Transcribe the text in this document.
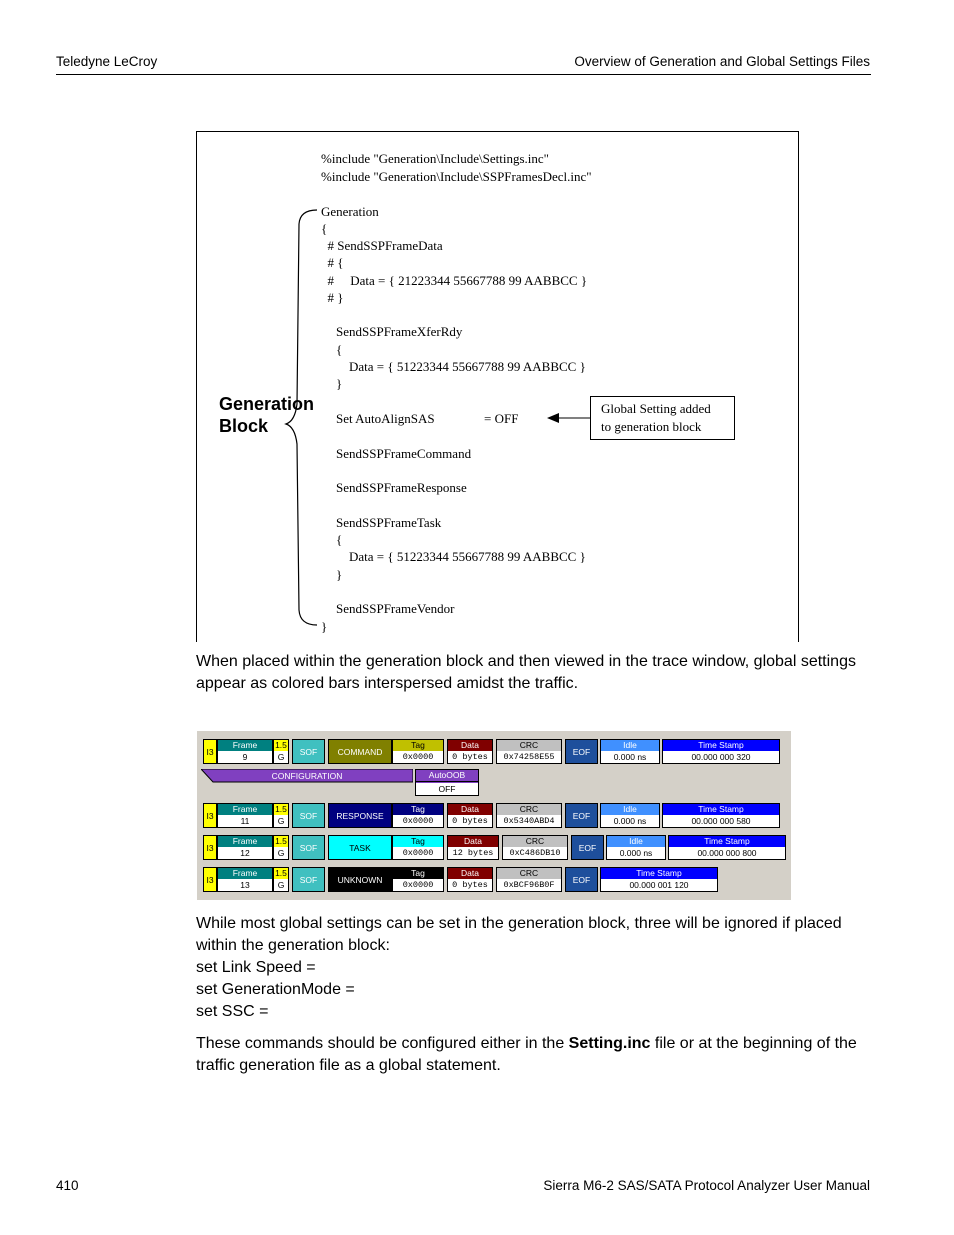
Teledyne LeCroy	Overview of Generation and Global Settings Files
%include "Generation\Include\Settings.inc"
%include "Generation\Include\SSPFramesDecl.inc"
Generation
{
# SendSSPFrameData
# {
#     Data = { 21223344 55667788 99 AABBCC }
# }
SendSSPFrameXferRdy
{
Data = { 51223344 55667788 99 AABBCC }
}
Set AutoAlignSAS	= OFF
SendSSPFrameCommand
SendSSPFrameResponse
SendSSPFrameTask
{
Data = { 51223344 55667788 99 AABBCC }
}
SendSSPFrameVendor
}
Generation
Block
Global Setting added
to generation block
When placed within the generation block and then viewed in the trace window, global settings appear as colored bars interspersed amidst the traffic.
I3
Frame
9
1.5
G
SOF	COMMAND
Tag
0x0000
Data
0 bytes
CRC
0x74258E55
EOF
Idle
0.000 ns
Time Stamp
00.000 000 320
CONFIGURATION	AutoOOB
OFF
I3
Frame
11
1.5
G
SOF	RESPONSE
Tag
0x0000
Data
0 bytes
CRC
0x5340ABD4
EOF
Idle
0.000 ns
Time Stamp
00.000 000 580
I3
Frame
12
1.5
G
SOF	TASK
Tag
0x0000
Data
12 bytes
CRC
0xC486DB10
EOF
Idle
0.000 ns
Time Stamp
00.000 000 800
I3
Frame
13
1.5
G
SOF	UNKNOWN
Tag
0x0000
Data
0 bytes
CRC
0xBCF96B0F
EOF
Time Stamp
00.000 001 120
While most global settings can be set in the generation block, three will be ignored if placed within the generation block:
set Link Speed =
set GenerationMode =
set SSC =
These commands should be configured either in the Setting.inc file or at the beginning of the traffic generation file as a global statement.
410	Sierra M6-2 SAS/SATA Protocol Analyzer User Manual
